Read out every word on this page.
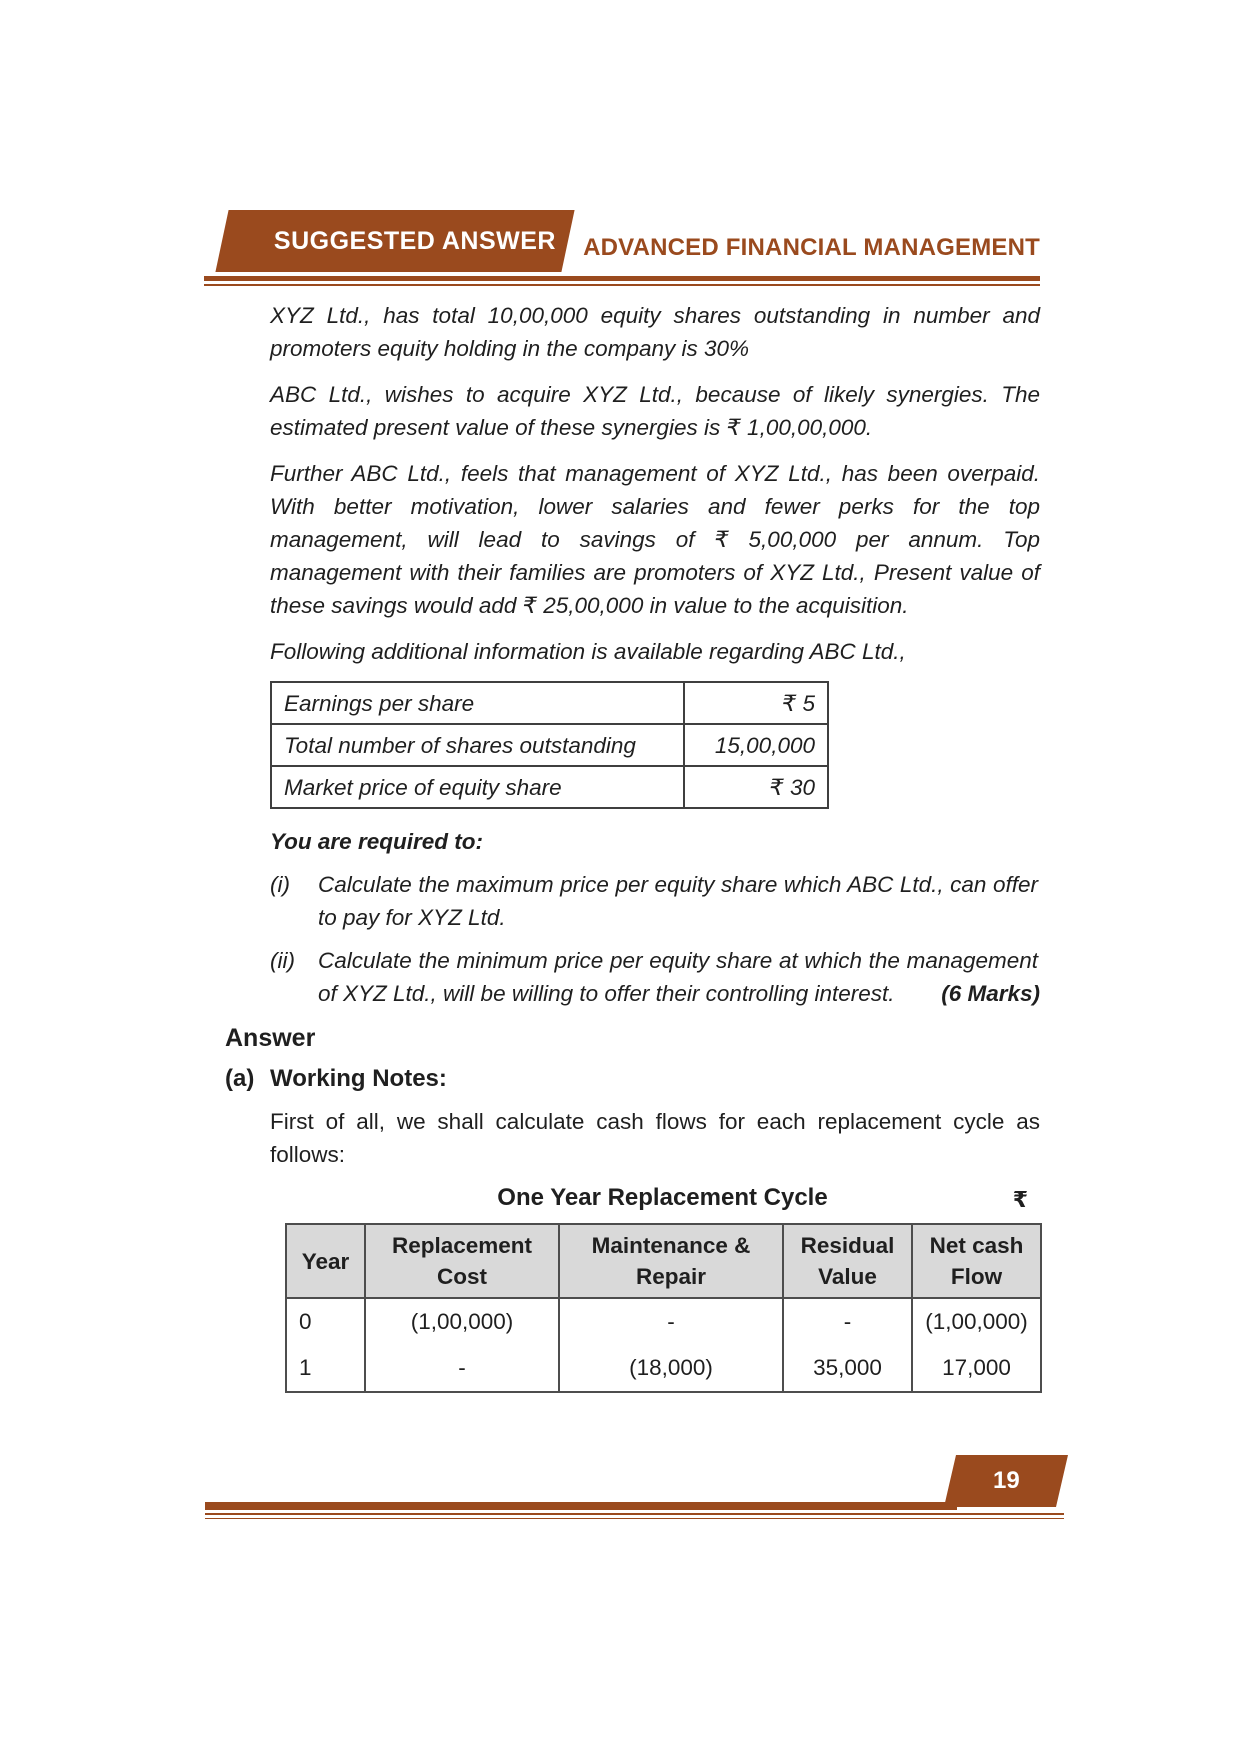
SUGGESTED ANSWER ADVANCED FINANCIAL MANAGEMENT

XYZ Ltd., has total 10,00,000 equity shares outstanding in number and promoters equity holding in the company is 30%

ABC Ltd., wishes to acquire XYZ Ltd., because of likely synergies. The estimated present value of these synergies is ₹ 1,00,00,000.

Further ABC Ltd., feels that management of XYZ Ltd., has been overpaid. With better motivation, lower salaries and fewer perks for the top management, will lead to savings of ₹ 5,00,000 per annum. Top management with their families are promoters of XYZ Ltd., Present value of these savings would add ₹ 25,00,000 in value to the acquisition.

Following additional information is available regarding ABC Ltd.,

Earnings per share	₹ 5
Total number of shares outstanding	15,00,000
Market price of equity share	₹ 30

You are required to:

(i)	Calculate the maximum price per equity share which ABC Ltd., can offer to pay for XYZ Ltd.
(ii)	Calculate the minimum price per equity share at which the management of XYZ Ltd., will be willing to offer their controlling interest.	(6 Marks)
Answer
(a) Working Notes:

First of all, we shall calculate cash flows for each replacement cycle as follows:

One Year Replacement Cycle	₹
Year	Replacement Cost	Maintenance & Repair	Residual Value	Net cash Flow
0	(1,00,000)	-	-	(1,00,000)
1	-	(18,000)	35,000	17,000
19
